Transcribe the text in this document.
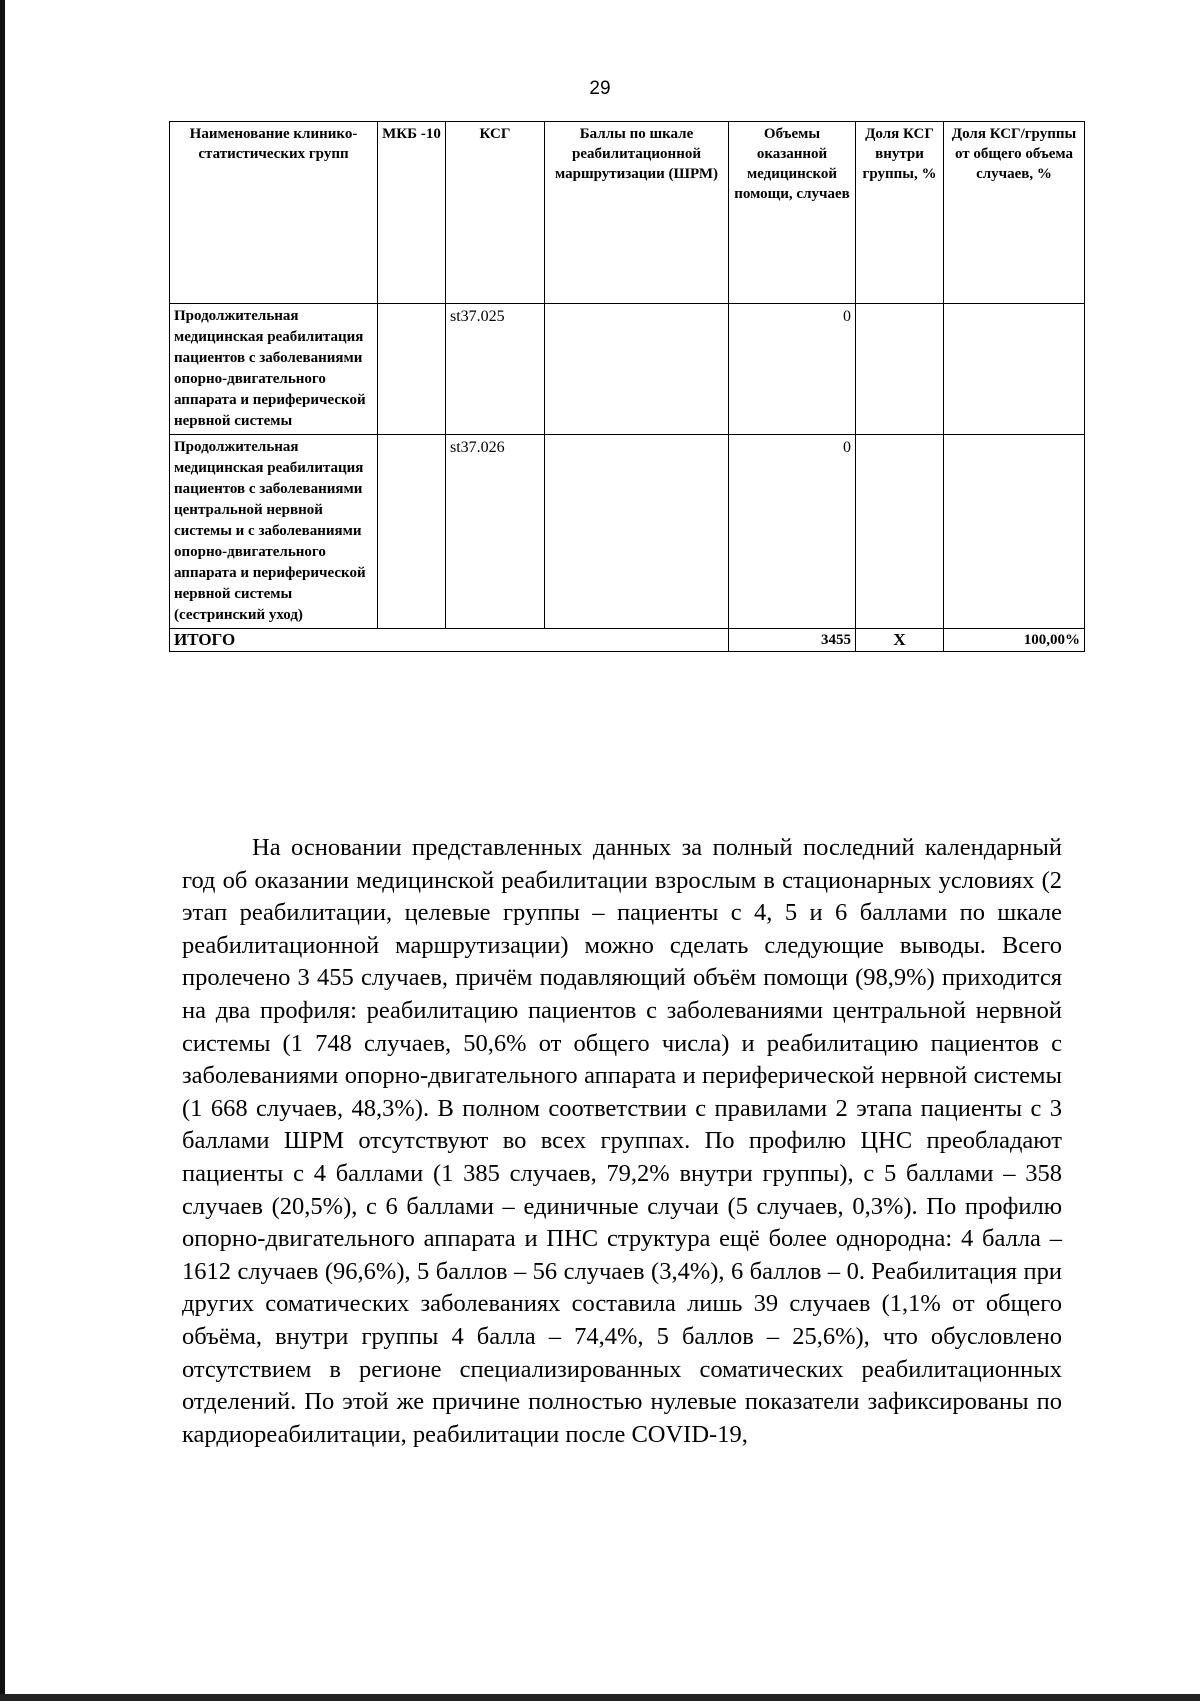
29
Наименование клинико-статистических групп	МКБ -10	КСГ	Баллы по шкале реабилитационной маршрутизации (ШРМ)	Объемы оказанной медицинской помощи, случаев	Доля КСГ внутри группы, %	Доля КСГ/группы от общего объема случаев, %
Продолжительная медицинская реабилитация пациентов с заболеваниями опорно-двигательного аппарата и периферической нервной системы		st37.025		0		
Продолжительная медицинская реабилитация пациентов с заболеваниями центральной нервной системы и с заболеваниями опорно-двигательного аппарата и периферической нервной системы (сестринский уход)		st37.026		0		
ИТОГО				3455	X	100,00%

На основании представленных данных за полный последний календарный год об оказании медицинской реабилитации взрослым в стационарных условиях (2 этап реабилитации, целевые группы – пациенты с 4, 5 и 6 баллами по шкале реабилитационной маршрутизации) можно сделать следующие выводы. Всего пролечено 3 455 случаев, причём подавляющий объём помощи (98,9%) приходится на два профиля: реабилитацию пациентов с заболеваниями центральной нервной системы (1 748 случаев, 50,6% от общего числа) и реабилитацию пациентов с заболеваниями опорно-двигательного аппарата и периферической нервной системы (1 668 случаев, 48,3%). В полном соответствии с правилами 2 этапа пациенты с 3 баллами ШРМ отсутствуют во всех группах. По профилю ЦНС преобладают пациенты с 4 баллами (1 385 случаев, 79,2% внутри группы), с 5 баллами – 358 случаев (20,5%), с 6 баллами – единичные случаи (5 случаев, 0,3%). По профилю опорно-двигательного аппарата и ПНС структура ещё более однородна: 4 балла – 1612 случаев (96,6%), 5 баллов – 56 случаев (3,4%), 6 баллов – 0. Реабилитация при других соматических заболеваниях составила лишь 39 случаев (1,1% от общего объёма, внутри группы 4 балла – 74,4%, 5 баллов – 25,6%), что обусловлено отсутствием в регионе специализированных соматических реабилитационных отделений. По этой же причине полностью нулевые показатели зафиксированы по кардиореабилитации, реабилитации после COVID-19,
